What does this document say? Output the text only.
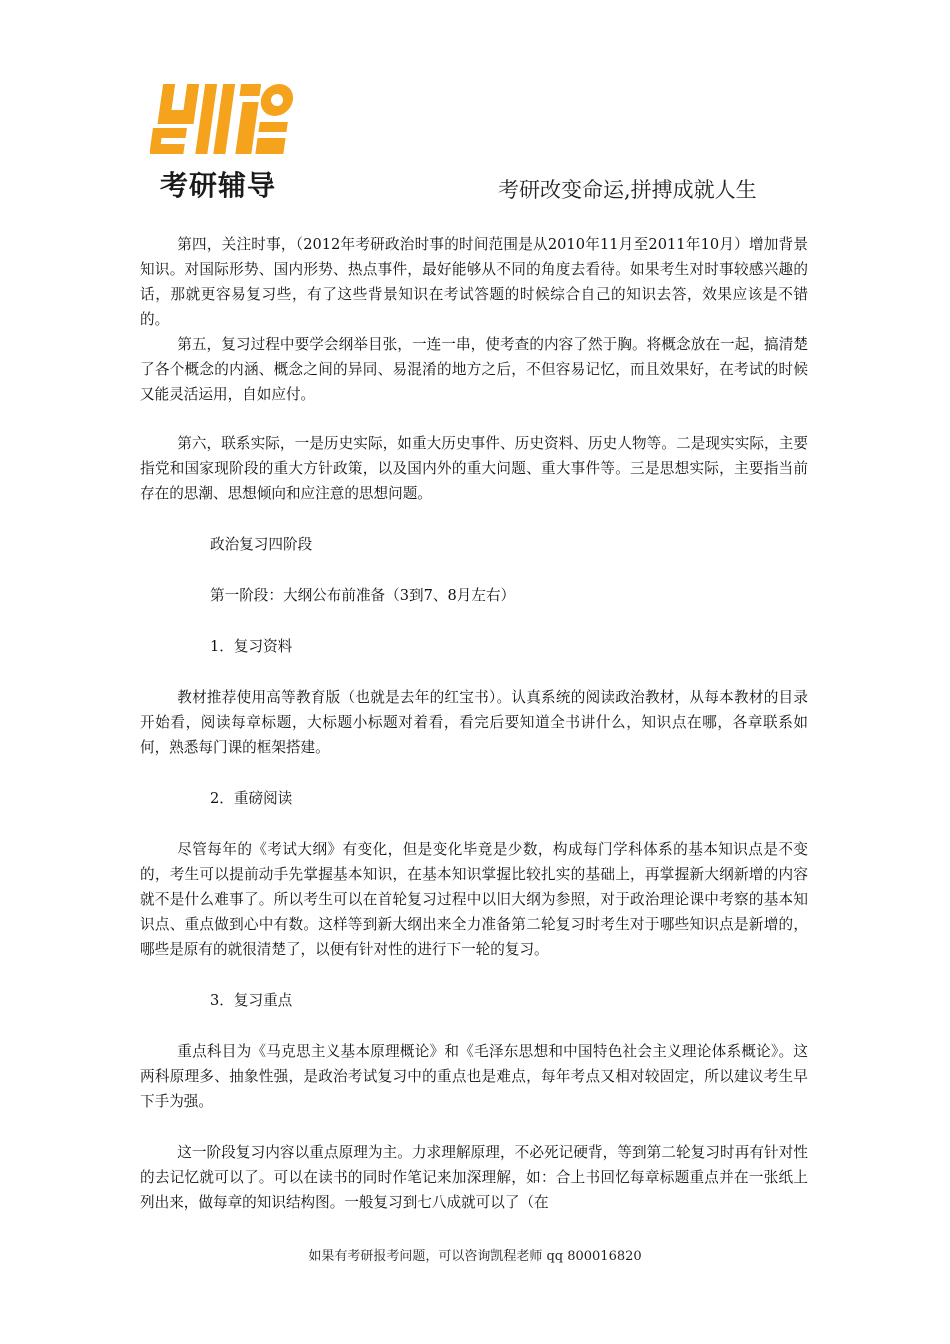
考研辅导	考研改变命运,拼搏成就人生

第四，关注时事，（2012年考研政治时事的时间范围是从2010年11月至2011年10月）增加背景知识。对国际形势、国内形势、热点事件，最好能够从不同的角度去看待。如果考生对时事较感兴趣的话，那就更容易复习些，有了这些背景知识在考试答题的时候综合自己的知识去答，效果应该是不错的。

第五，复习过程中要学会纲举目张，一连一串，使考查的内容了然于胸。将概念放在一起，搞清楚了各个概念的内涵、概念之间的异同、易混淆的地方之后，不但容易记忆，而且效果好，在考试的时候又能灵活运用，自如应付。

第六，联系实际，一是历史实际，如重大历史事件、历史资料、历史人物等。二是现实实际，主要指党和国家现阶段的重大方针政策，以及国内外的重大问题、重大事件等。三是思想实际，主要指当前存在的思潮、思想倾向和应注意的思想问题。

政治复习四阶段

第一阶段：大纲公布前准备（3到7、8月左右）

1．复习资料

教材推荐使用高等教育版（也就是去年的红宝书）。认真系统的阅读政治教材，从每本教材的目录开始看，阅读每章标题，大标题小标题对着看，看完后要知道全书讲什么，知识点在哪，各章联系如何，熟悉每门课的框架搭建。

2．重磅阅读

尽管每年的《考试大纲》有变化，但是变化毕竟是少数，构成每门学科体系的基本知识点是不变的，考生可以提前动手先掌握基本知识，在基本知识掌握比较扎实的基础上，再掌握新大纲新增的内容就不是什么难事了。所以考生可以在首轮复习过程中以旧大纲为参照，对于政治理论课中考察的基本知识点、重点做到心中有数。这样等到新大纲出来全力准备第二轮复习时考生对于哪些知识点是新增的，哪些是原有的就很清楚了，以便有针对性的进行下一轮的复习。

3．复习重点

重点科目为《马克思主义基本原理概论》和《毛泽东思想和中国特色社会主义理论体系概论》。这两科原理多、抽象性强，是政治考试复习中的重点也是难点，每年考点又相对较固定，所以建议考生早下手为强。

这一阶段复习内容以重点原理为主。力求理解原理，不必死记硬背，等到第二轮复习时再有针对性的去记忆就可以了。可以在读书的同时作笔记来加深理解，如：合上书回忆每章标题重点并在一张纸上列出来，做每章的知识结构图。一般复习到七八成就可以了（在

如果有考研报考问题，可以咨询凯程老师 qq 800016820
